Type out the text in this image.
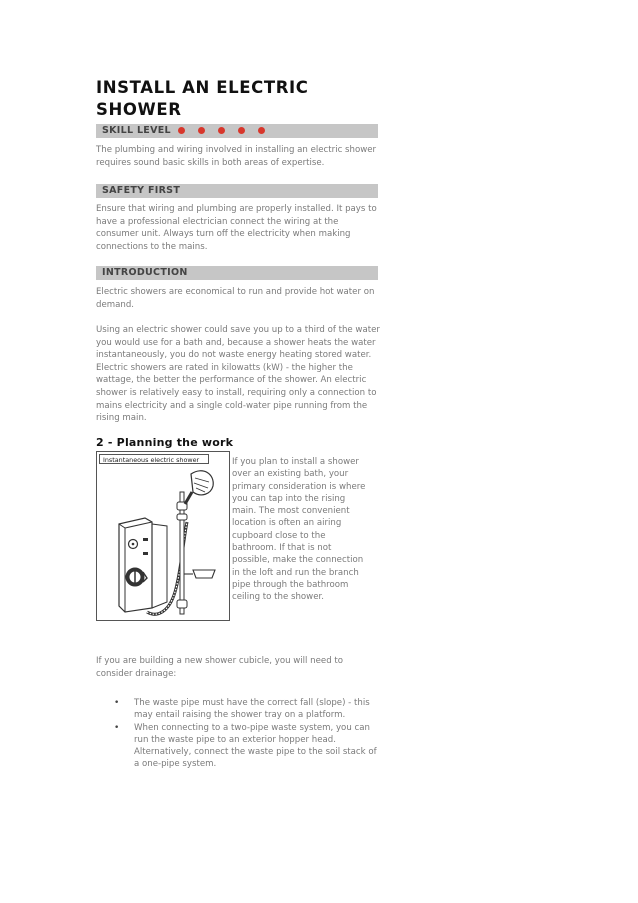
INSTALL AN ELECTRIC SHOWER
SKILL LEVEL

The plumbing and wiring involved in installing an electric shower requires sound basic skills in both areas of expertise.

SAFETY FIRST

Ensure that wiring and plumbing are properly installed. It pays to have a professional electrician connect the wiring at the consumer unit. Always turn off the electricity when making connections to the mains.

INTRODUCTION

Electric showers are economical to run and provide hot water on demand.

Using an electric shower could save you up to a third of the water you would use for a bath and, because a shower heats the water instantaneously, you do not waste energy heating stored water. Electric showers are rated in kilowatts (kW) - the higher the wattage, the better the performance of the shower. An electric shower is relatively easy to install, requiring only a connection to mains electricity and a single cold-water pipe running from the rising main.

2 - Planning the work
Instantaneous electric shower	If you plan to install a shower over an existing bath, your primary consideration is where you can tap into the rising main. The most convenient location is often an airing cupboard close to the bathroom. If that is not possible, make the connection in the loft and run the branch pipe through the bathroom ceiling to the shower.

If you are building a new shower cubicle, you will need to consider drainage:

• The waste pipe must have the correct fall (slope) - this may entail raising the shower tray on a platform.
• When connecting to a two-pipe waste system, you can run the waste pipe to an exterior hopper head. Alternatively, connect the waste pipe to the soil stack of a one-pipe system.
